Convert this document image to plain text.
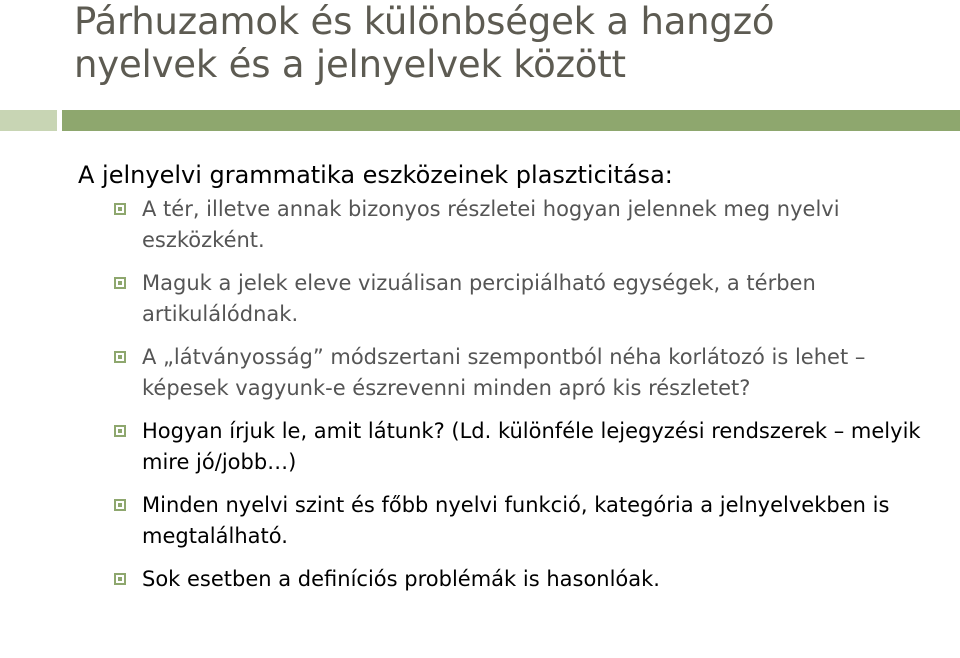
Párhuzamok és különbségek a hangzó
nyelvek és a jelnyelvek között

A jelnyelvi grammatika eszközeinek plaszticitása:

A tér, illetve annak bizonyos részletei hogyan jelennek meg nyelvi eszközként.
Maguk a jelek eleve vizuálisan percipiálható egységek, a térben artikulálódnak.
A „látványosság” módszertani szempontból néha korlátozó is lehet – képesek vagyunk-e észrevenni minden apró kis részletet?
Hogyan írjuk le, amit látunk? (Ld. különféle lejegyzési rendszerek – melyik mire jó/jobb…)
Minden nyelvi szint és főbb nyelvi funkció, kategória a jelnyelvekben is megtalálható.
Sok esetben a definíciós problémák is hasonlóak.
